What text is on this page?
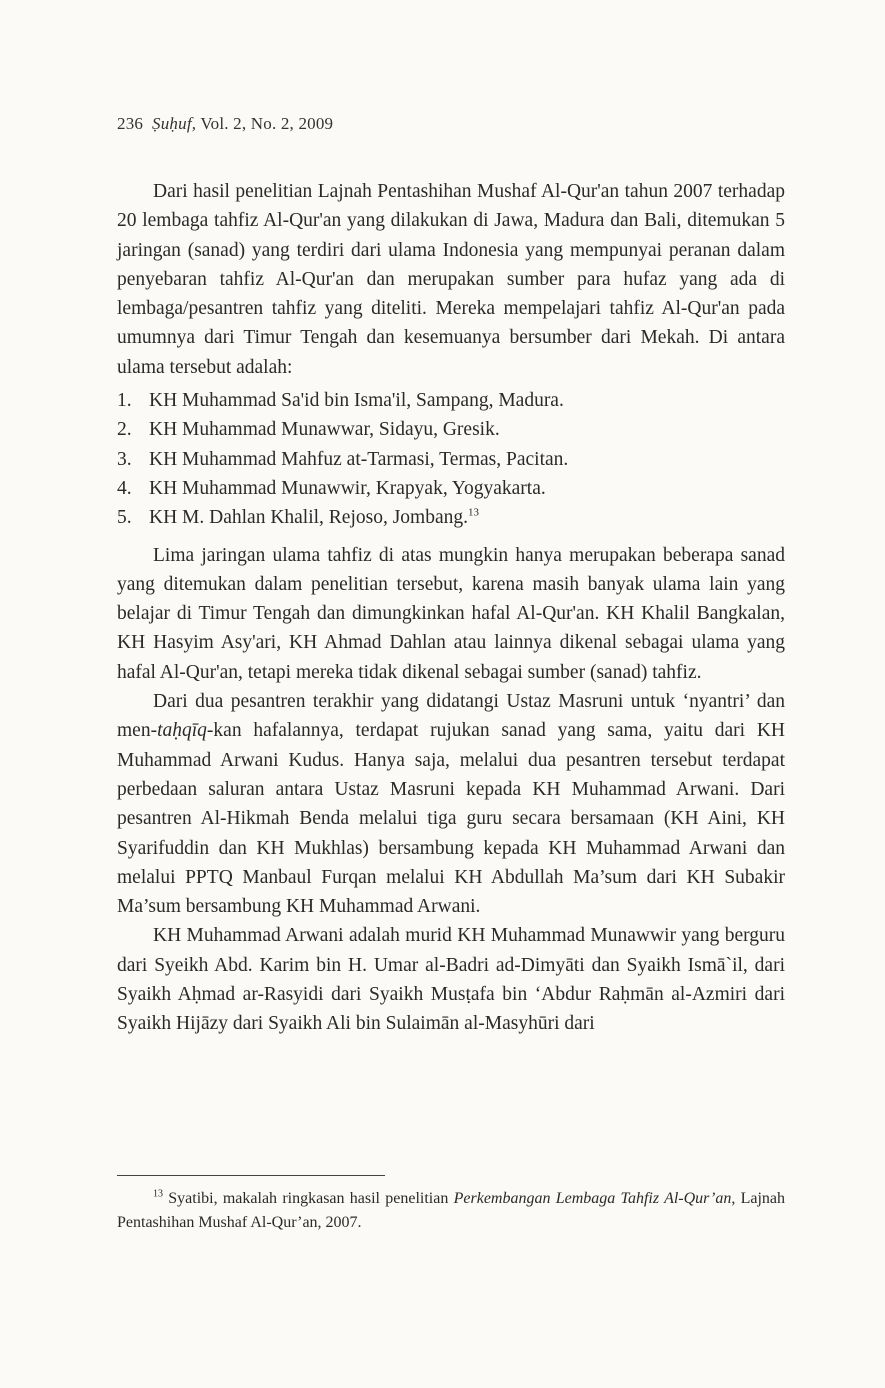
236 Ṣuḥuf, Vol. 2, No. 2, 2009

Dari hasil penelitian Lajnah Pentashihan Mushaf Al-Qur'an tahun 2007 terhadap 20 lembaga tahfiz Al-Qur'an yang dilakukan di Jawa, Madura dan Bali, ditemukan 5 jaringan (sanad) yang terdiri dari ulama Indonesia yang mempunyai peranan dalam penyebaran tahfiz Al-Qur'an dan merupakan sumber para hufaz yang ada di lembaga/pesantren tahfiz yang diteliti. Mereka mempelajari tahfiz Al-Qur'an pada umumnya dari Timur Tengah dan kesemuanya bersumber dari Mekah. Di antara ulama tersebut adalah:

1. KH Muhammad Sa'id bin Isma'il, Sampang, Madura.
2. KH Muhammad Munawwar, Sidayu, Gresik.
3. KH Muhammad Mahfuz at-Tarmasi, Termas, Pacitan.
4. KH Muhammad Munawwir, Krapyak, Yogyakarta.
5. KH M. Dahlan Khalil, Rejoso, Jombang.$^{13}$

Lima jaringan ulama tahfiz di atas mungkin hanya merupakan beberapa sanad yang ditemukan dalam penelitian tersebut, karena masih banyak ulama lain yang belajar di Timur Tengah dan dimungkinkan hafal Al-Qur'an. KH Khalil Bangkalan, KH Hasyim Asy'ari, KH Ahmad Dahlan atau lainnya dikenal sebagai ulama yang hafal Al-Qur'an, tetapi mereka tidak dikenal sebagai sumber (sanad) tahfiz.

Dari dua pesantren terakhir yang didatangi Ustaz Masruni untuk ‘nyantri’ dan men-taḥqīq-kan hafalannya, terdapat rujukan sanad yang sama, yaitu dari KH Muhammad Arwani Kudus. Hanya saja, melalui dua pesantren tersebut terdapat perbedaan saluran antara Ustaz Masruni kepada KH Muhammad Arwani. Dari pesantren Al-Hikmah Benda melalui tiga guru secara bersamaan (KH Aini, KH Syarifuddin dan KH Mukhlas) bersambung kepada KH Muhammad Arwani dan melalui PPTQ Manbaul Furqan melalui KH Abdullah Ma’sum dari KH Subakir Ma’sum bersambung KH Muhammad Arwani.

KH Muhammad Arwani adalah murid KH Muhammad Munawwir yang berguru dari Syeikh Abd. Karim bin H. Umar al-Badri ad-Dimyāti dan Syaikh Ismā`il, dari Syaikh Aḥmad ar-Rasyidi dari Syaikh Musṭafa bin ‘Abdur Raḥmān al-Azmiri dari Syaikh Hijāzy dari Syaikh Ali bin Sulaimān al-Masyhūri dari

$^{13}$ Syatibi, makalah ringkasan hasil penelitian Perkembangan Lembaga Tahfiz Al-Qur’an, Lajnah Pentashihan Mushaf Al-Qur’an, 2007.
